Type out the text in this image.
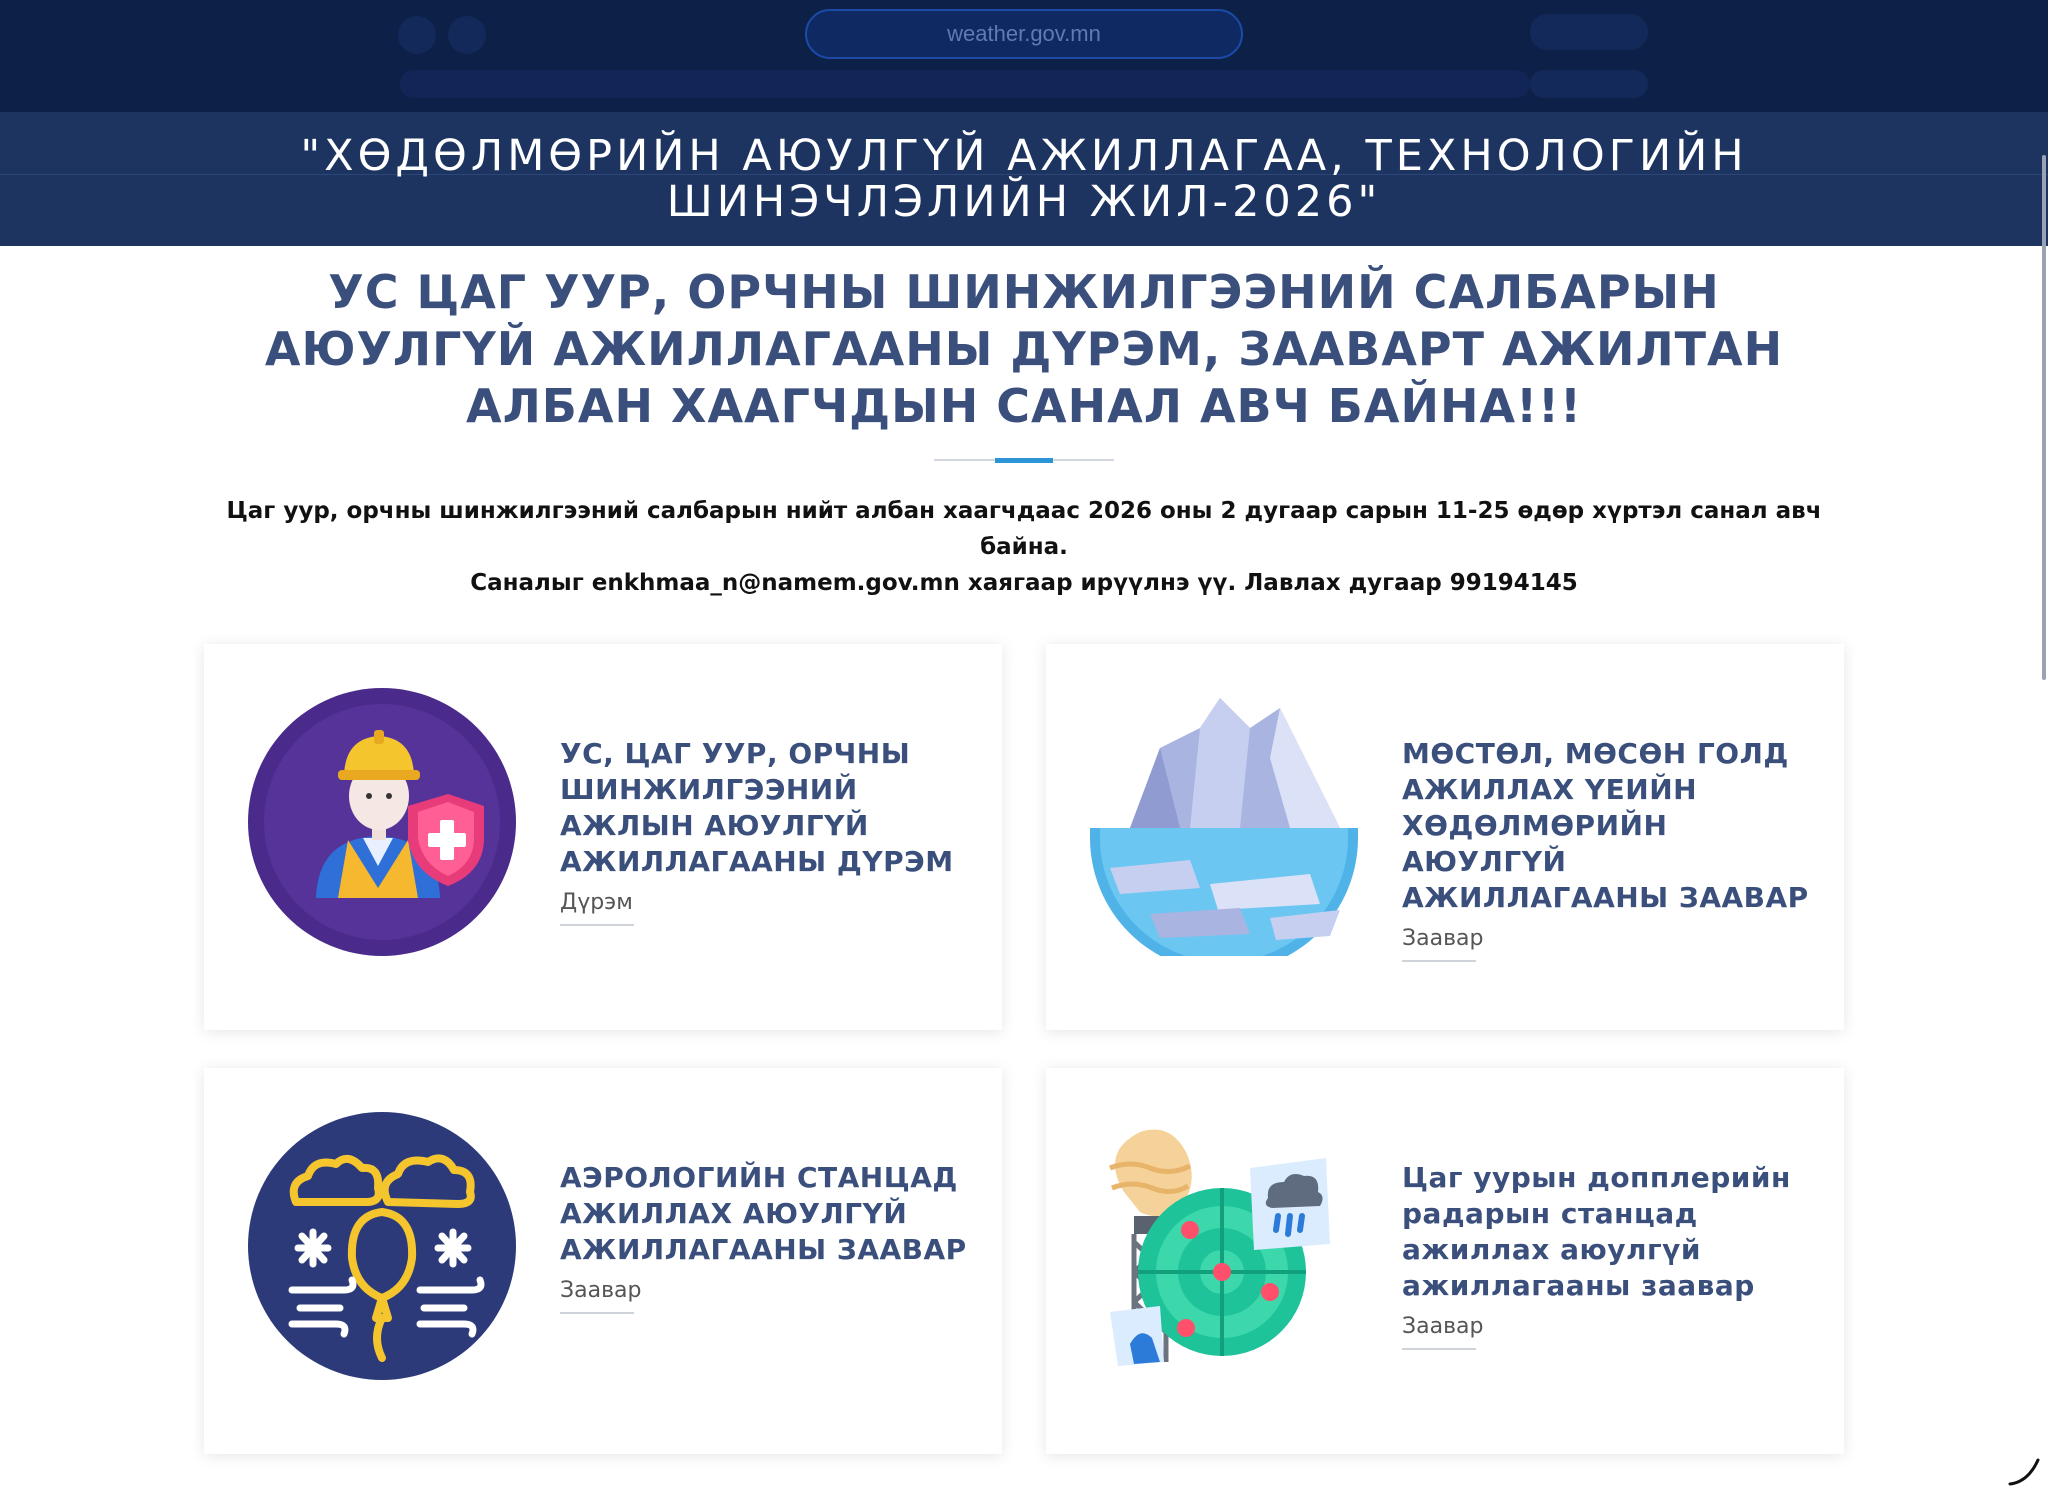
weather.gov.mn
"ХӨДӨЛМӨРИЙН АЮУЛГҮЙ АЖИЛЛАГАА, ТЕХНОЛОГИЙН ШИНЭЧЛЭЛИЙН ЖИЛ-2026"
УС ЦАГ УУР, ОРЧНЫ ШИНЖИЛГЭЭНИЙ САЛБАРЫН АЮУЛГҮЙ АЖИЛЛАГААНЫ ДҮРЭМ, ЗААВАРТ АЖИЛТАН АЛБАН ХААГЧДЫН САНАЛ АВЧ БАЙНА!!!
Цаг уур, орчны шинжилгээний салбарын нийт албан хаагчдаас 2026 оны 2 дугаар сарын 11-25 өдөр хүртэл санал авч байна.
Саналыг enkhmaa_n@namem.gov.mn хаягаар ирүүлнэ үү. Лавлах дугаар 99194145
УС, ЦАГ УУР, ОРЧНЫ ШИНЖИЛГЭЭНИЙ АЖЛЫН АЮУЛГҮЙ АЖИЛЛАГААНЫ ДҮРЭМ
Дүрэм
МӨСТӨЛ, МӨСӨН ГОЛД АЖИЛЛАХ ҮЕИЙН ХӨДӨЛМӨРИЙН АЮУЛГҮЙ АЖИЛЛАГААНЫ ЗААВАР
Заавар
АЭРОЛОГИЙН СТАНЦАД АЖИЛЛАХ АЮУЛГҮЙ АЖИЛЛАГААНЫ ЗААВАР
Заавар
Цаг уурын допплерийн радарын станцад ажиллах аюулгүй ажиллагааны заавар
Заавар
